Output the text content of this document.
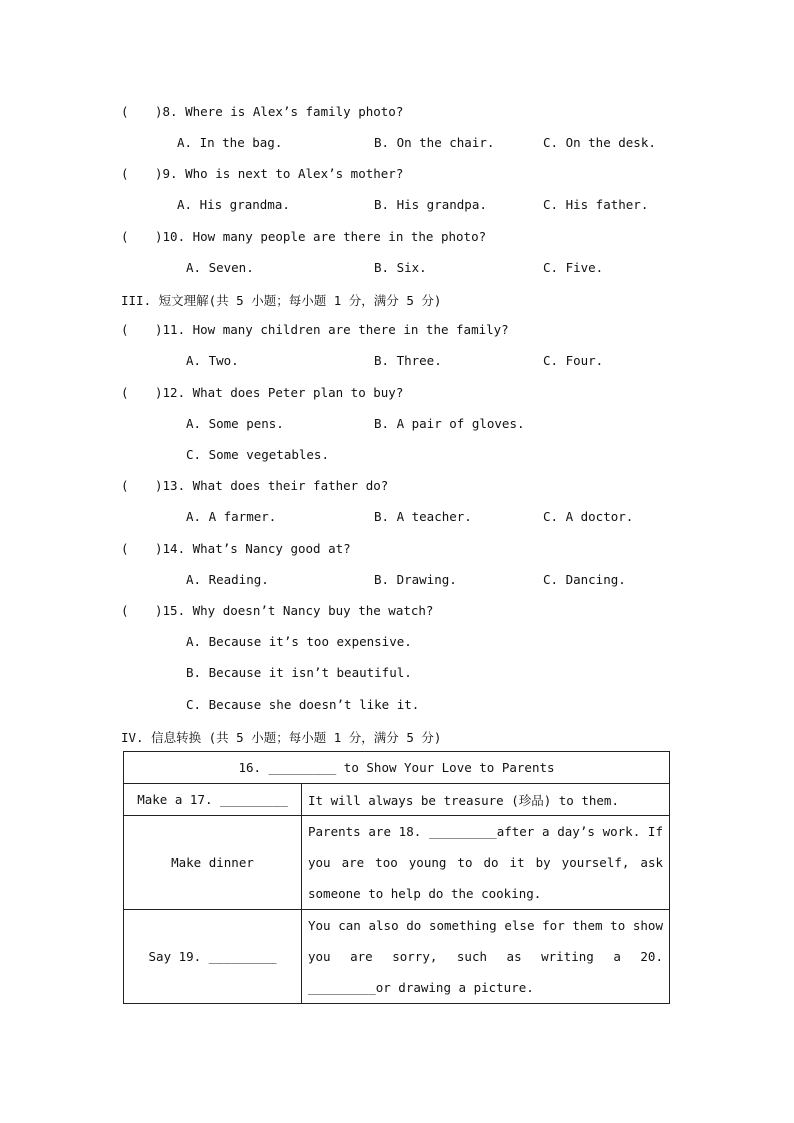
( )8. Where is Alex’s family photo?
A. In the bag.	B. On the chair.	C. On the desk.
( )9. Who is next to Alex’s mother?
A. His grandma.	B. His grandpa.	C. His father.
( )10. How many people are there in the photo?
A. Seven.	B. Six.	C. Five.
III. 短文理解(共 5 小题；每小题 1 分，满分 5 分)
( )11. How many children are there in the family?
A. Two.	B. Three.	C. Four.
( )12. What does Peter plan to buy?
A. Some pens.	B. A pair of gloves.
C. Some vegetables.
( )13. What does their father do?
A. A farmer.	B. A teacher.	C. A doctor.
( )14. What’s Nancy good at?
A. Reading.	B. Drawing.	C. Dancing.
( )15. Why doesn’t Nancy buy the watch?
A. Because it’s too expensive.
B. Because it isn’t beautiful.
C. Because she doesn’t like it.
IV. 信息转换 (共 5 小题；每小题 1 分，满分 5 分)
16. _________ to Show Your Love to Parents	
Make a 17. _________	It will always be treasure (珍品) to them.
Make dinner	Parents are 18. _________after a day’s work. If you are too young to do it by yourself, ask someone to help do the cooking.
Say 19. _________	You can also do something else for them to show you are sorry, such as writing a 20. _________or drawing a picture.
